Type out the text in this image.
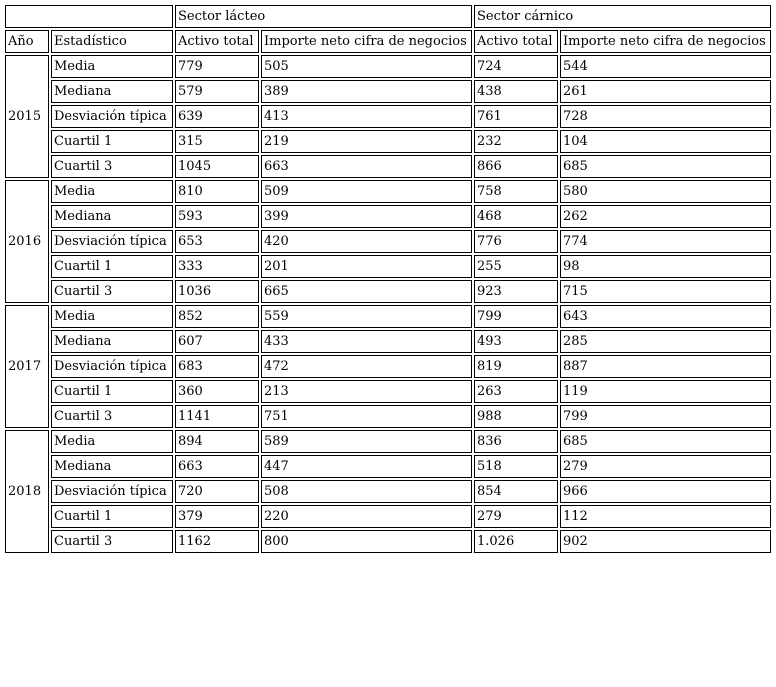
		Sector lácteo		Sector cárnico	
Año	Estadístico	Activo total	Importe neto cifra de negocios	Activo total	Importe neto cifra de negocios
2015	Media	779	505	724	544
	Mediana	579	389	438	261
	Desviación típica	639	413	761	728
	Cuartil 1	315	219	232	104
	Cuartil 3	1045	663	866	685
2016	Media	810	509	758	580
	Mediana	593	399	468	262
	Desviación típica	653	420	776	774
	Cuartil 1	333	201	255	98
	Cuartil 3	1036	665	923	715
2017	Media	852	559	799	643
	Mediana	607	433	493	285
	Desviación típica	683	472	819	887
	Cuartil 1	360	213	263	119
	Cuartil 3	1141	751	988	799
2018	Media	894	589	836	685
	Mediana	663	447	518	279
	Desviación típica	720	508	854	966
	Cuartil 1	379	220	279	112
	Cuartil 3	1162	800	1.026	902
